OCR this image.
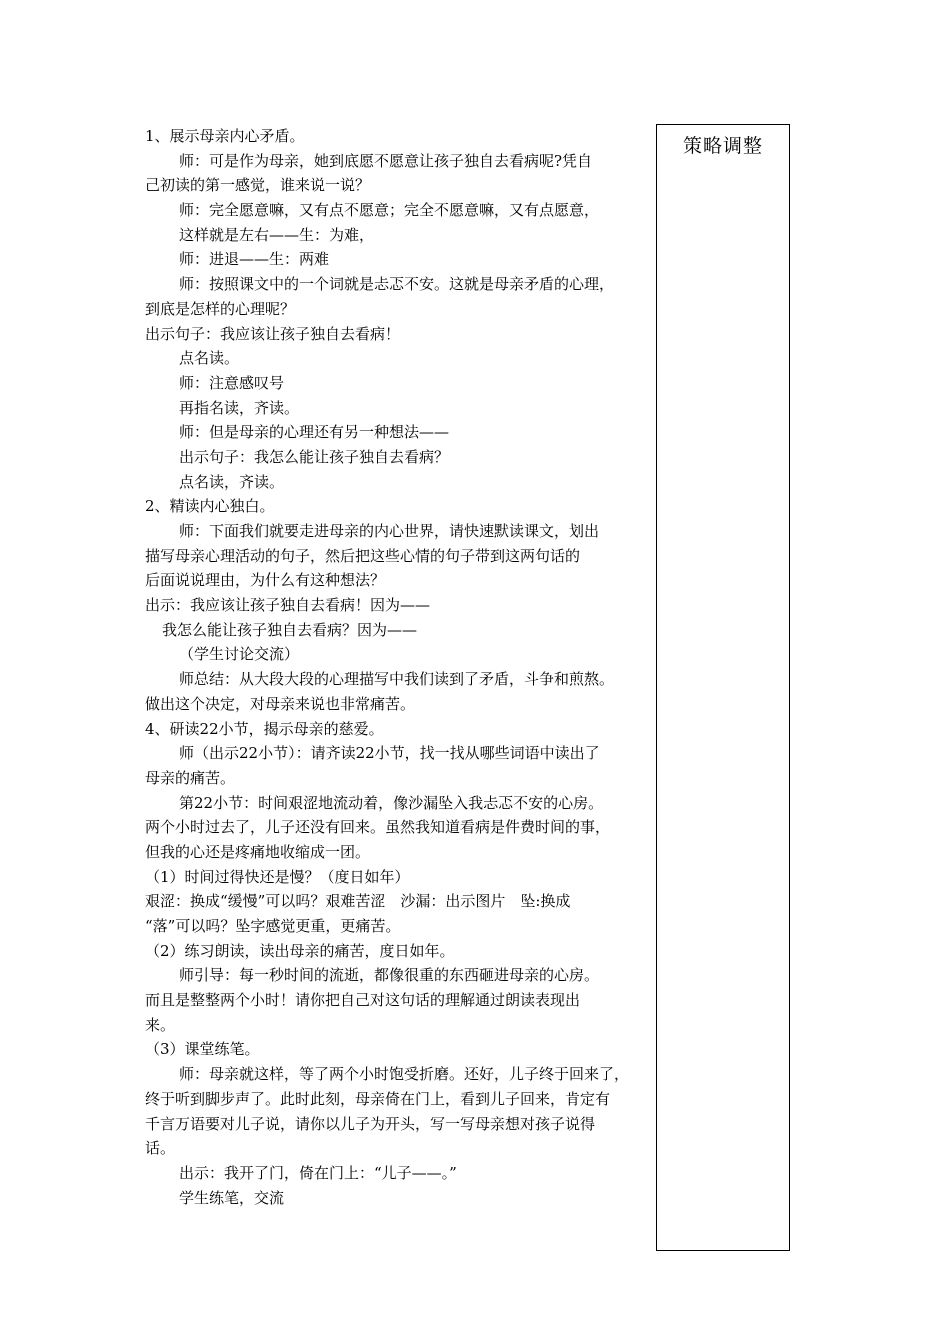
1、展示母亲内心矛盾。
师：可是作为母亲，她到底愿不愿意让孩子独自去看病呢?凭自
己初读的第一感觉，谁来说一说？
师：完全愿意嘛，又有点不愿意；完全不愿意嘛，又有点愿意，
这样就是左右——生：为难，
师：进退——生：两难
师：按照课文中的一个词就是忐忑不安。这就是母亲矛盾的心理，
到底是怎样的心理呢？
出示句子：我应该让孩子独自去看病！
点名读。
师：注意感叹号
再指名读，齐读。
师：但是母亲的心理还有另一种想法——
出示句子：我怎么能让孩子独自去看病？
点名读，齐读。
2、精读内心独白。
师：下面我们就要走进母亲的内心世界，请快速默读课文，划出
描写母亲心理活动的句子，然后把这些心情的句子带到这两句话的
后面说说理由，为什么有这种想法？
出示：我应该让孩子独自去看病！因为——
我怎么能让孩子独自去看病？因为——
（学生讨论交流）
师总结：从大段大段的心理描写中我们读到了矛盾，斗争和煎熬。
做出这个决定，对母亲来说也非常痛苦。
4、研读22小节，揭示母亲的慈爱。
师（出示22小节）：请齐读22小节，找一找从哪些词语中读出了
母亲的痛苦。
第22小节：时间艰涩地流动着，像沙漏坠入我忐忑不安的心房。
两个小时过去了，儿子还没有回来。虽然我知道看病是件费时间的事，
但我的心还是疼痛地收缩成一团。
（1）时间过得快还是慢？（度日如年）
艰涩：换成“缓慢”可以吗？艰难苦涩　沙漏：出示图片　坠:换成
“落”可以吗？坠字感觉更重，更痛苦。
（2）练习朗读，读出母亲的痛苦，度日如年。
师引导：每一秒时间的流逝，都像很重的东西砸进母亲的心房。
而且是整整两个小时！请你把自己对这句话的理解通过朗读表现出
来。
（3）课堂练笔。
师：母亲就这样，等了两个小时饱受折磨。还好，儿子终于回来了，
终于听到脚步声了。此时此刻，母亲倚在门上，看到儿子回来，肯定有
千言万语要对儿子说，请你以儿子为开头，写一写母亲想对孩子说得
话。
出示：我开了门，倚在门上：“儿子——。”
学生练笔，交流
策略调整
